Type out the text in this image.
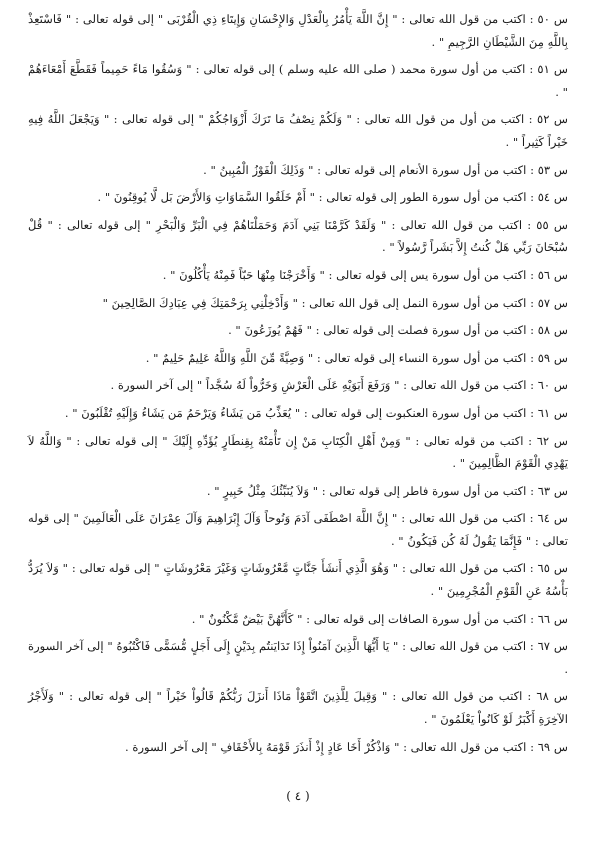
س ٥٠ : اكتب من قول الله تعالى : " إِنَّ اللَّهَ يَأْمُرُ بِالْعَدْلِ وَالإِحْسَانِ وَإِيتَاءِ ذِي الْقُرْبَى " إلى قوله تعالى : " فَاسْتَعِذْ بِاللَّهِ مِنَ الشَّيْطَانِ الرَّجِيمِ " .

س ٥١ : اكتب من أول سورة محمد ( صلى الله عليه وسلم ) إلى قوله تعالى : " وَسُقُوا مَاءً حَمِيماً فَقَطَّعَ أَمْعَاءَهُمْ " .

س ٥٢ : اكتب من أول من قول الله تعالى : " وَلَكُمْ نِصْفُ مَا تَرَكَ أَزْوَاجُكُمْ " إلى قوله تعالى : " وَيَجْعَلَ اللَّهُ فِيهِ خَيْراً كَثِيراً " .

س ٥٣ : اكتب من أول سورة الأنعام إلى قوله تعالى : " وَذَلِكَ الْفَوْزُ الْمُبِينُ " .

س ٥٤ : اكتب من أول سورة الطور إلى قوله تعالى : " أَمْ خَلَقُوا السَّمَاوَاتِ وَالأَرْضَ بَل لَّا يُوقِنُونَ " .

س ٥٥ : اكتب من قول الله تعالى : " وَلَقَدْ كَرَّمْنَا بَنِي آدَمَ وَحَمَلْنَاهُمْ فِي الْبَرِّ وَالْبَحْرِ " إلى قوله تعالى : " قُلْ سُبْحَانَ رَبِّي هَلْ كُنتُ إِلاَّ بَشَراً رَّسُولاً " .

س ٥٦ : اكتب من أول سورة يس إلى قوله تعالى : " وَأَخْرَجْنَا مِنْهَا حَبّاً فَمِنْهُ يَأْكُلُونَ " .

س ٥٧ : اكتب من أول سورة النمل إلى قول الله تعالى : " وَأَدْخِلْنِي بِرَحْمَتِكَ فِي عِبَادِكَ الصَّالِحِينَ "

س ٥٨ : اكتب من أول سورة فصلت إلى قوله تعالى : " فَهُمْ يُوزَعُونَ " .

س ٥٩ : اكتب من أول سورة النساء إلى قوله تعالى : " وَصِيَّةً مِّنَ اللَّهِ وَاللَّهُ عَلِيمٌ حَلِيمٌ " .

س ٦٠ : اكتب من قول الله تعالى : " وَرَفَعَ أَبَوَيْهِ عَلَى الْعَرْشِ وَخَرُّواْ لَهُ سُجَّداً " إلى آخر السورة .

س ٦١ : اكتب من أول سورة العنكبوت إلى قوله تعالى : " يُعَذِّبُ مَن يَشَاءُ وَيَرْحَمُ مَن يَشَاءُ وَإِلَيْهِ تُقْلَبُونَ " .

س ٦٢ : اكتب من قوله تعالى : " وَمِنْ أَهْلِ الْكِتَابِ مَنْ إِن تَأْمَنْهُ بِقِنطَارٍ يُؤَدِّهِ إِلَيْكَ " إلى قوله تعالى : " وَاللَّهُ لاَ يَهْدِي الْقَوْمَ الظَّالِمِينَ " .

س ٦٣ : اكتب من أول سورة فاطر إلى قوله تعالى : " وَلاَ يُنَبِّئُكَ مِثْلُ خَبِيرٍ " .

س ٦٤ : اكتب من قول الله تعالى : " إِنَّ اللَّهَ اصْطَفَى آدَمَ وَنُوحاً وَآلَ إِبْرَاهِيمَ وَآلَ عِمْرَانَ عَلَى الْعَالَمِينَ " إلى قوله تعالى : " فَإِنَّمَا يَقُولُ لَهُ كُن فَيَكُونُ " .

س ٦٥ : اكتب من قول الله تعالى : " وَهُوَ الَّذِي أَنشَأَ جَنَّاتٍ مَّعْرُوشَاتٍ وَغَيْرَ مَعْرُوشَاتٍ " إلى قوله تعالى : " وَلاَ يُرَدُّ بَأْسُهُ عَنِ الْقَوْمِ الْمُجْرِمِينَ " .

س ٦٦ : اكتب من أول سورة الصافات إلى قوله تعالى : " كَأَنَّهُنَّ بَيْضٌ مَّكْنُونٌ " .

س ٦٧ : اكتب من قول الله تعالى : " يَا أَيُّهَا الَّذِينَ آمَنُواْ إِذَا تَدَايَنتُم بِدَيْنٍ إِلَى أَجَلٍ مُّسَمًّى فَاكْتُبُوهُ " إلى آخر السورة .

س ٦٨ : اكتب من قول الله تعالى : " وَقِيلَ لِلَّذِينَ اتَّقَوْاْ مَاذَا أَنزَلَ رَبُّكُمْ قَالُواْ خَيْراً " إلى قوله تعالى : " وَلَأَجْرُ الآخِرَةِ أَكْبَرُ لَوْ كَانُواْ يَعْلَمُونَ " .

س ٦٩ : اكتب من قول الله تعالى : " وَاذْكُرْ أَخَا عَادٍ إِذْ أَنذَرَ قَوْمَهُ بِالأَحْقَافِ " إلى آخر السورة .

( ٤ )
